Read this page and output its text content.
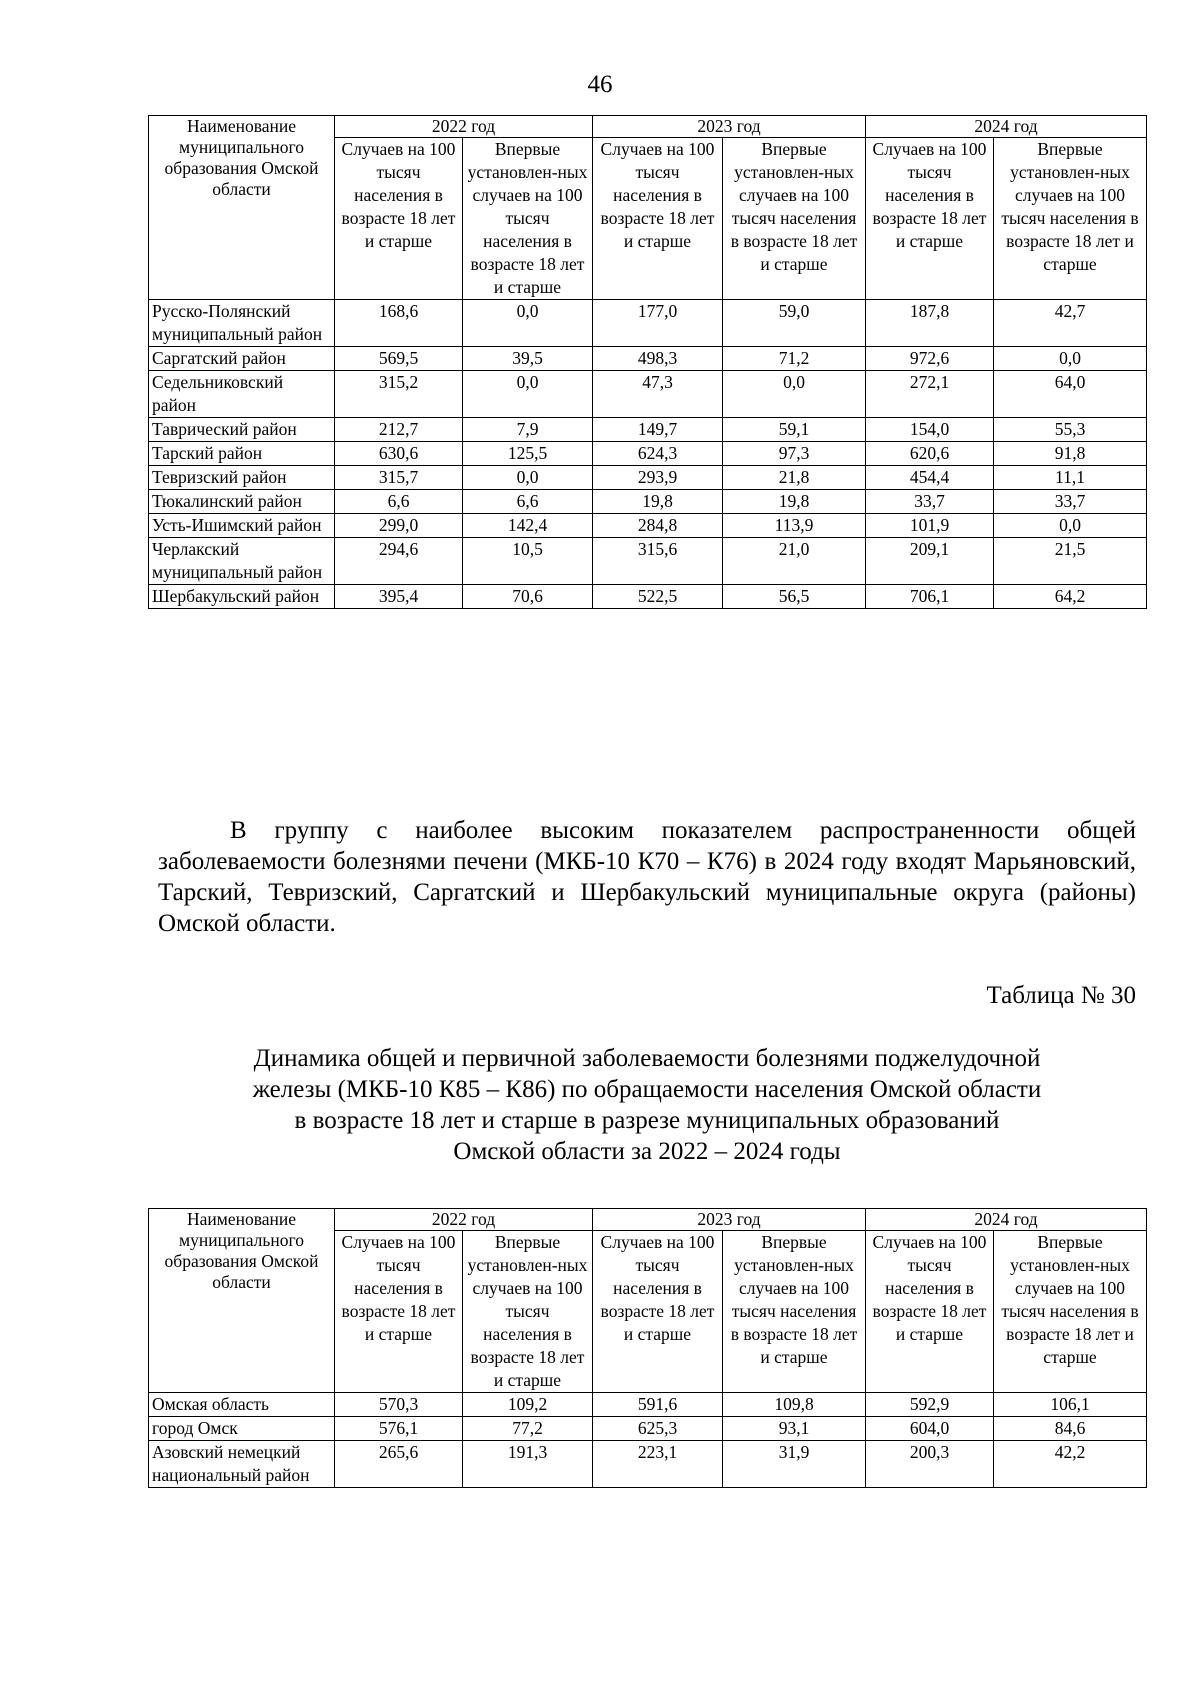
46
Наименование муниципального образования Омской области	2022 год		2023 год		2024 год	
	Случаев на 100 тысяч населения в возрасте 18 лет и старше	Впервые установлен-ных случаев на 100 тысяч населения в возрасте 18 лет и старше	Случаев на 100 тысяч населения в возрасте 18 лет и старше	Впервые установлен-ных случаев на 100 тысяч населения в возрасте 18 лет и старше	Случаев на 100 тысяч населения в возрасте 18 лет и старше	Впервые установлен-ных случаев на 100 тысяч населения в возрасте 18 лет и старше
Русско-Полянский муниципальный район	168,6	0,0	177,0	59,0	187,8	42,7
Саргатский район	569,5	39,5	498,3	71,2	972,6	0,0
Седельниковский район	315,2	0,0	47,3	0,0	272,1	64,0
Таврический район	212,7	7,9	149,7	59,1	154,0	55,3
Тарский район	630,6	125,5	624,3	97,3	620,6	91,8
Тевризский район	315,7	0,0	293,9	21,8	454,4	11,1
Тюкалинский район	6,6	6,6	19,8	19,8	33,7	33,7
Усть-Ишимский район	299,0	142,4	284,8	113,9	101,9	0,0
Черлакский муниципальный район	294,6	10,5	315,6	21,0	209,1	21,5
Шербакульский район	395,4	70,6	522,5	56,5	706,1	64,2

В группу с наиболее высоким показателем распространенности общей заболеваемости болезнями печени (МКБ-10 К70 – К76) в 2024 году входят Марьяновский, Тарский, Тевризский, Саргатский и Шербакульский муниципальные округа (районы) Омской области.

Таблица № 30
Динамика общей и первичной заболеваемости болезнями поджелудочной
железы (МКБ-10 К85 – К86) по обращаемости населения Омской области
в возрасте 18 лет и старше в разрезе муниципальных образований
Омской области за 2022 – 2024 годы
Наименование муниципального образования Омской области	2022 год		2023 год		2024 год	
	Случаев на 100 тысяч населения в возрасте 18 лет и старше	Впервые установлен-ных случаев на 100 тысяч населения в возрасте 18 лет и старше	Случаев на 100 тысяч населения в возрасте 18 лет и старше	Впервые установлен-ных случаев на 100 тысяч населения в возрасте 18 лет и старше	Случаев на 100 тысяч населения в возрасте 18 лет и старше	Впервые установлен-ных случаев на 100 тысяч населения в возрасте 18 лет и старше
Омская область	570,3	109,2	591,6	109,8	592,9	106,1
город Омск	576,1	77,2	625,3	93,1	604,0	84,6
Азовский немецкий национальный район	265,6	191,3	223,1	31,9	200,3	42,2
